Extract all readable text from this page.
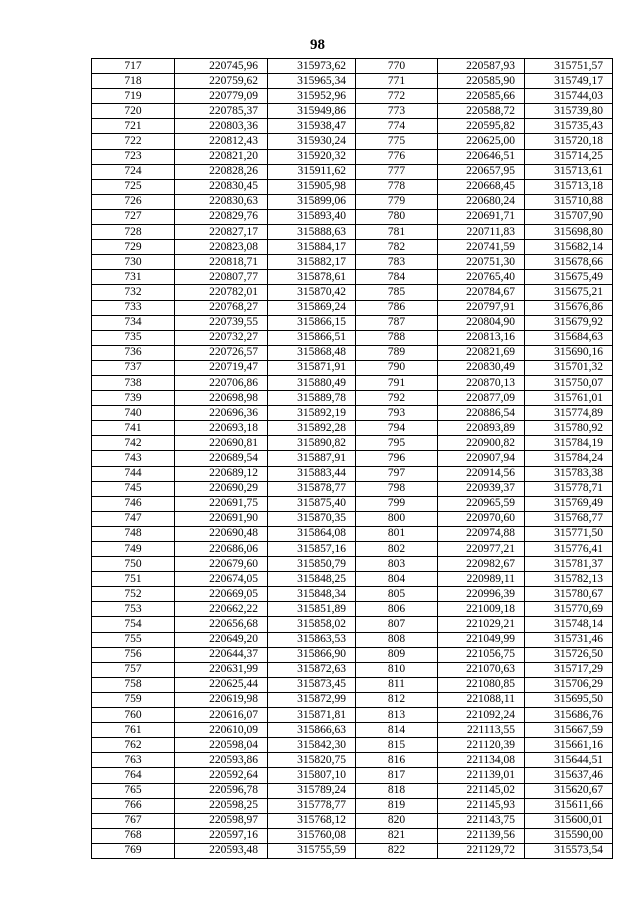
98
717	220745,96	315973,62	770	220587,93	315751,57
718	220759,62	315965,34	771	220585,90	315749,17
719	220779,09	315952,96	772	220585,66	315744,03
720	220785,37	315949,86	773	220588,72	315739,80
721	220803,36	315938,47	774	220595,82	315735,43
722	220812,43	315930,24	775	220625,00	315720,18
723	220821,20	315920,32	776	220646,51	315714,25
724	220828,26	315911,62	777	220657,95	315713,61
725	220830,45	315905,98	778	220668,45	315713,18
726	220830,63	315899,06	779	220680,24	315710,88
727	220829,76	315893,40	780	220691,71	315707,90
728	220827,17	315888,63	781	220711,83	315698,80
729	220823,08	315884,17	782	220741,59	315682,14
730	220818,71	315882,17	783	220751,30	315678,66
731	220807,77	315878,61	784	220765,40	315675,49
732	220782,01	315870,42	785	220784,67	315675,21
733	220768,27	315869,24	786	220797,91	315676,86
734	220739,55	315866,15	787	220804,90	315679,92
735	220732,27	315866,51	788	220813,16	315684,63
736	220726,57	315868,48	789	220821,69	315690,16
737	220719,47	315871,91	790	220830,49	315701,32
738	220706,86	315880,49	791	220870,13	315750,07
739	220698,98	315889,78	792	220877,09	315761,01
740	220696,36	315892,19	793	220886,54	315774,89
741	220693,18	315892,28	794	220893,89	315780,92
742	220690,81	315890,82	795	220900,82	315784,19
743	220689,54	315887,91	796	220907,94	315784,24
744	220689,12	315883,44	797	220914,56	315783,38
745	220690,29	315878,77	798	220939,37	315778,71
746	220691,75	315875,40	799	220965,59	315769,49
747	220691,90	315870,35	800	220970,60	315768,77
748	220690,48	315864,08	801	220974,88	315771,50
749	220686,06	315857,16	802	220977,21	315776,41
750	220679,60	315850,79	803	220982,67	315781,37
751	220674,05	315848,25	804	220989,11	315782,13
752	220669,05	315848,34	805	220996,39	315780,67
753	220662,22	315851,89	806	221009,18	315770,69
754	220656,68	315858,02	807	221029,21	315748,14
755	220649,20	315863,53	808	221049,99	315731,46
756	220644,37	315866,90	809	221056,75	315726,50
757	220631,99	315872,63	810	221070,63	315717,29
758	220625,44	315873,45	811	221080,85	315706,29
759	220619,98	315872,99	812	221088,11	315695,50
760	220616,07	315871,81	813	221092,24	315686,76
761	220610,09	315866,63	814	221113,55	315667,59
762	220598,04	315842,30	815	221120,39	315661,16
763	220593,86	315820,75	816	221134,08	315644,51
764	220592,64	315807,10	817	221139,01	315637,46
765	220596,78	315789,24	818	221145,02	315620,67
766	220598,25	315778,77	819	221145,93	315611,66
767	220598,97	315768,12	820	221143,75	315600,01
768	220597,16	315760,08	821	221139,56	315590,00
769	220593,48	315755,59	822	221129,72	315573,54
